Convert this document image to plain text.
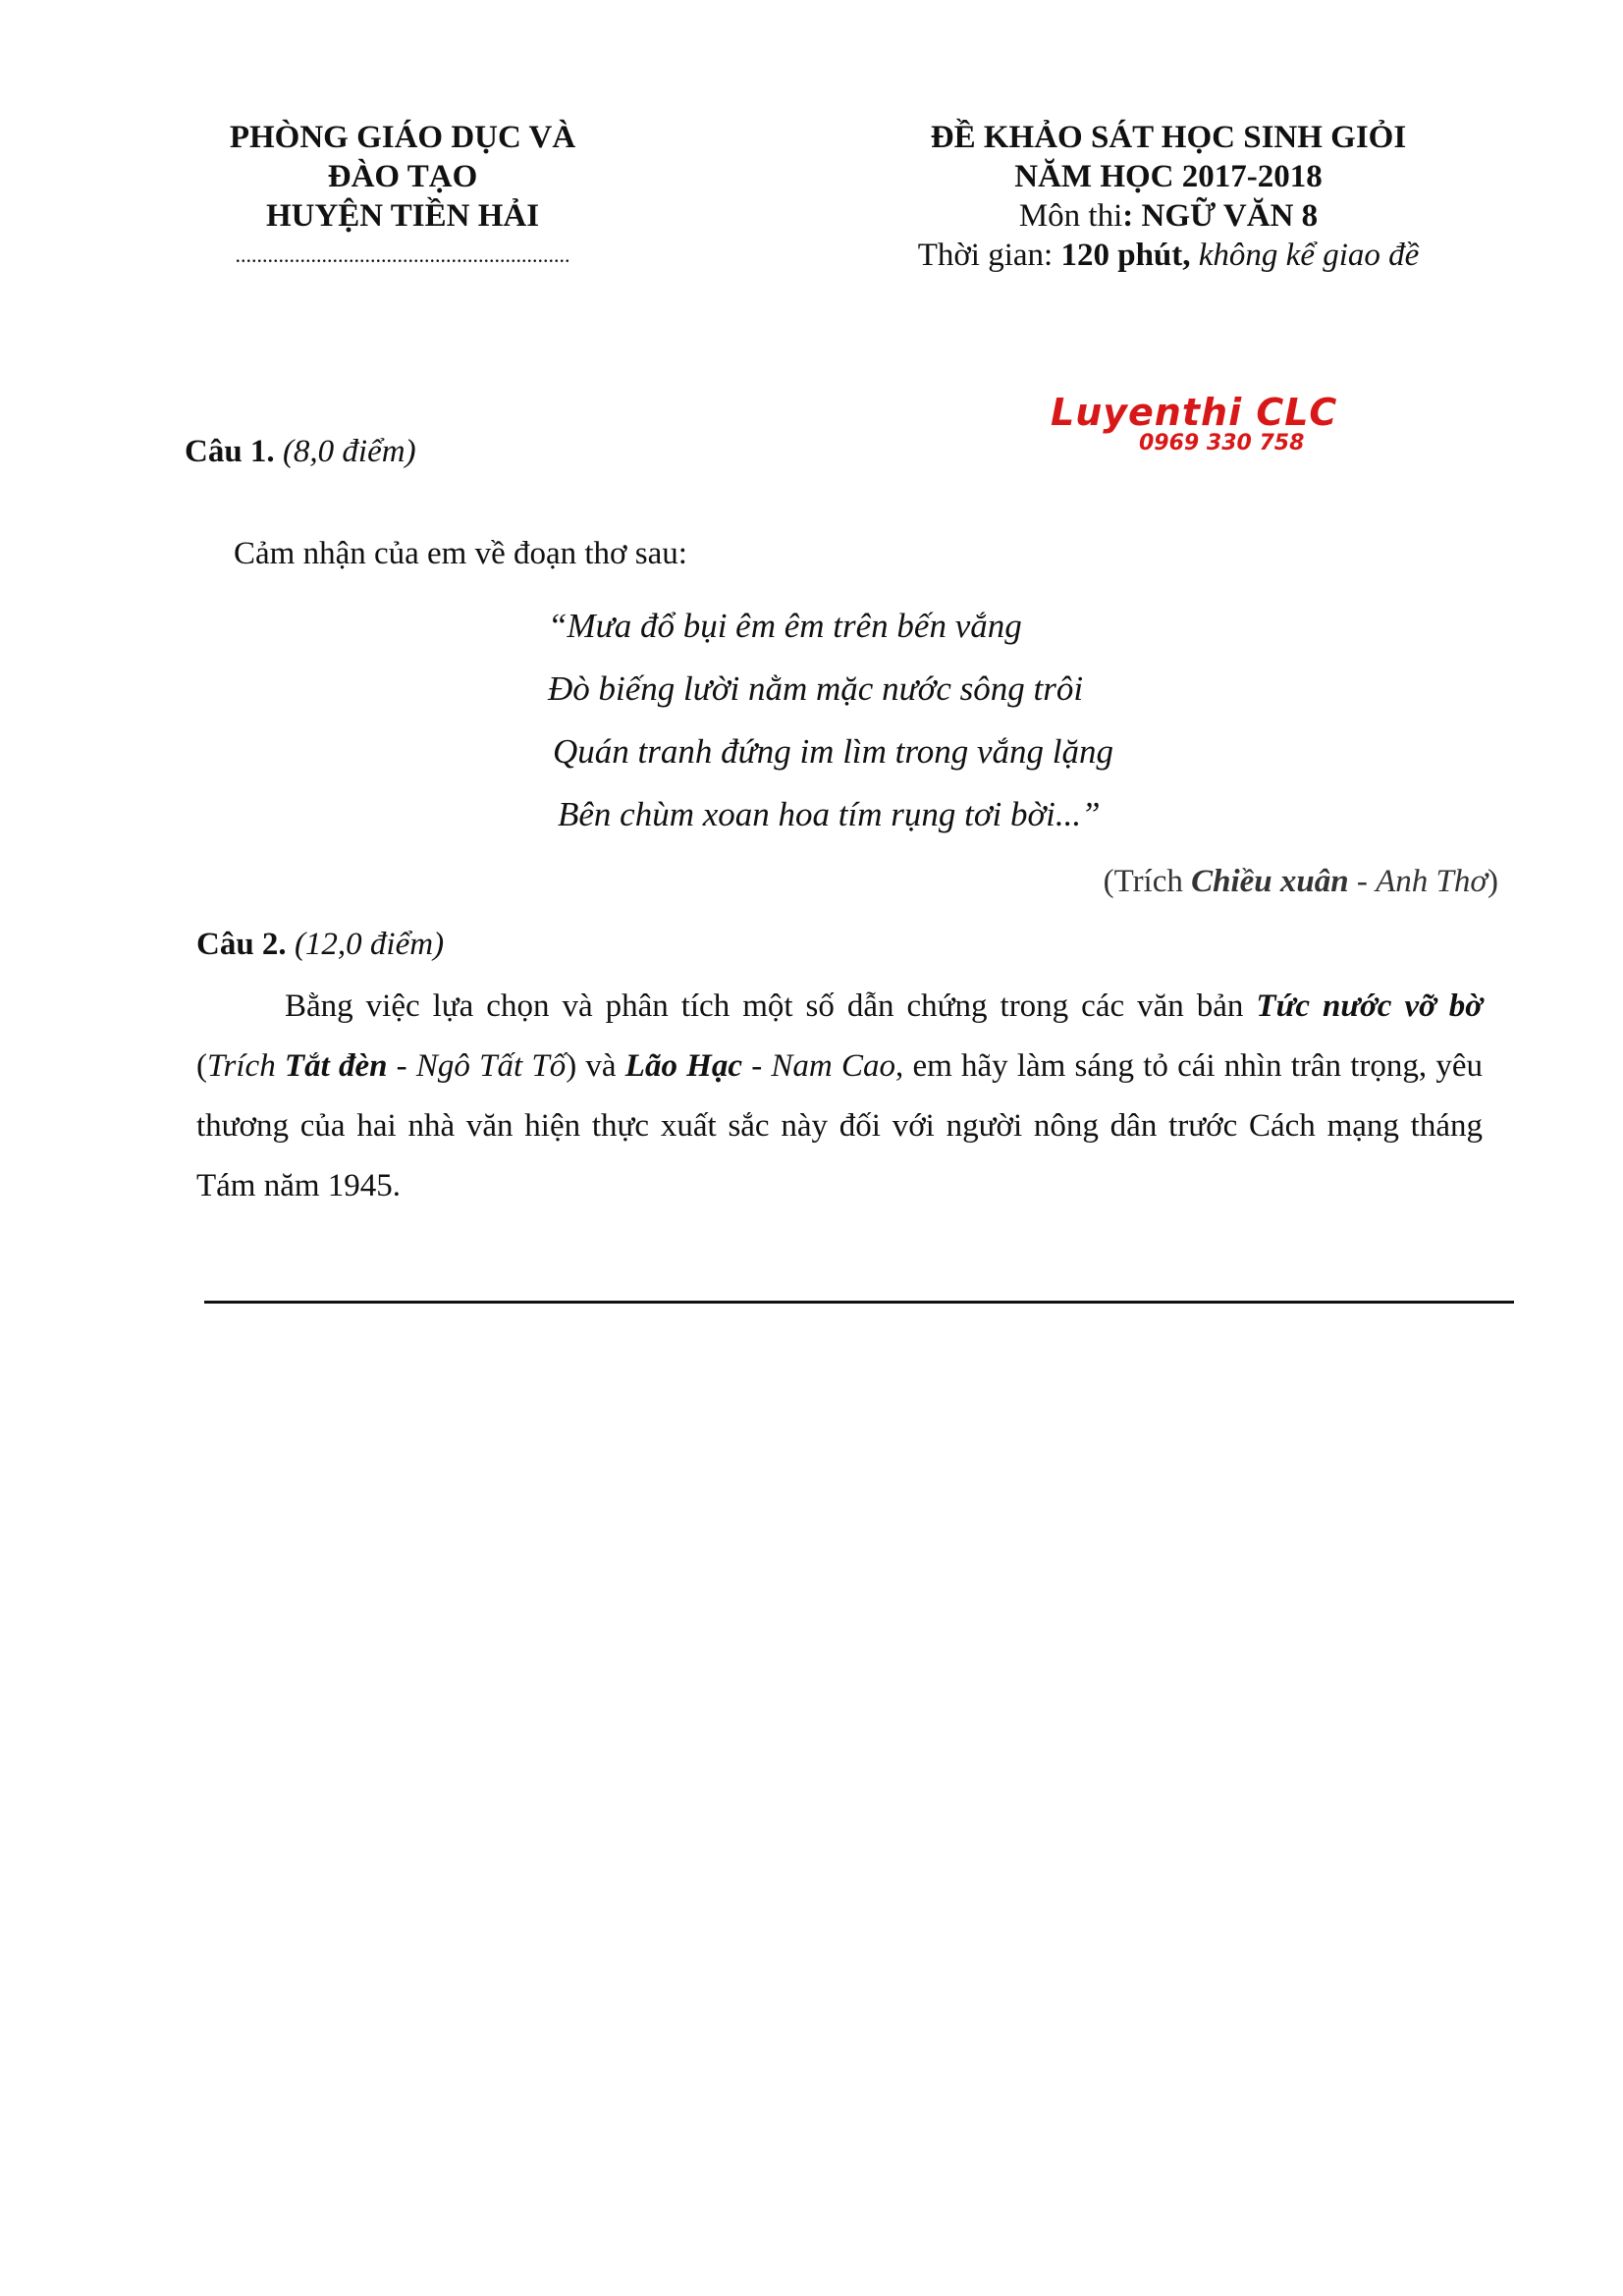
PHÒNG GIÁO DỤC VÀ ĐÀO TẠO
HUYỆN TIỀN HẢI
..............................................................
ĐỀ KHẢO SÁT HỌC SINH GIỎI
NĂM HỌC 2017-2018
Môn thi: NGỮ VĂN 8
Thời gian: 120 phút, không kể giao đề
Luyenthi CLC
0969 330 758
Câu 1. (8,0 điểm)
Cảm nhận của em về đoạn thơ sau:
“Mưa đổ bụi êm êm trên bến vắng
Đò biếng lười nằm mặc nước sông trôi
Quán tranh đứng im lìm trong vắng lặng
Bên chùm xoan hoa tím rụng tơi bời...”
(Trích Chiều xuân - Anh Thơ)
Câu 2. (12,0 điểm)

Bằng việc lựa chọn và phân tích một số dẫn chứng trong các văn bản Tức nước vỡ bờ (Trích Tắt đèn - Ngô Tất Tố) và Lão Hạc - Nam Cao, em hãy làm sáng tỏ cái nhìn trân trọng, yêu thương của hai nhà văn hiện thực xuất sắc này đối với người nông dân trước Cách mạng tháng Tám năm 1945.
